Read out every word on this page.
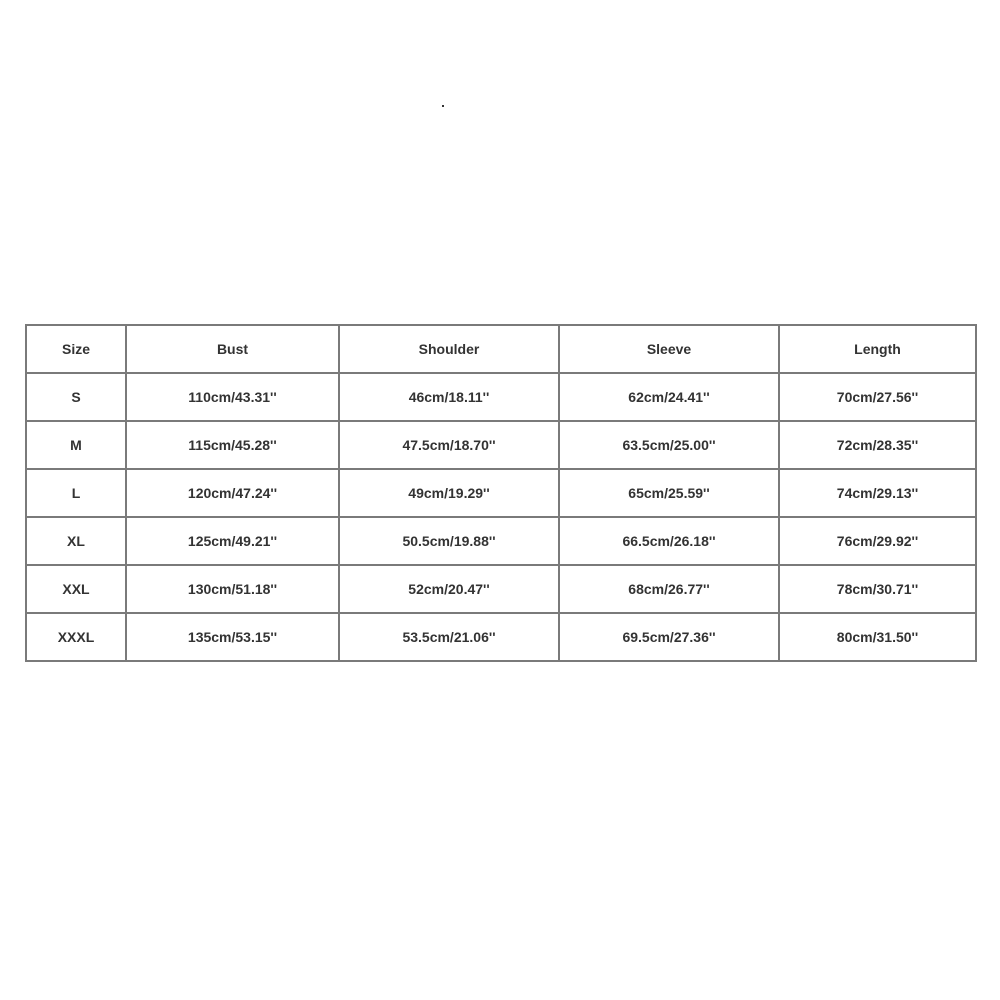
Size	Bust	Shoulder	Sleeve	Length
S	110cm/43.31''	46cm/18.11''	62cm/24.41''	70cm/27.56''
M	115cm/45.28''	47.5cm/18.70''	63.5cm/25.00''	72cm/28.35''
L	120cm/47.24''	49cm/19.29''	65cm/25.59''	74cm/29.13''
XL	125cm/49.21''	50.5cm/19.88''	66.5cm/26.18''	76cm/29.92''
XXL	130cm/51.18''	52cm/20.47''	68cm/26.77''	78cm/30.71''
XXXL	135cm/53.15''	53.5cm/21.06''	69.5cm/27.36''	80cm/31.50''
